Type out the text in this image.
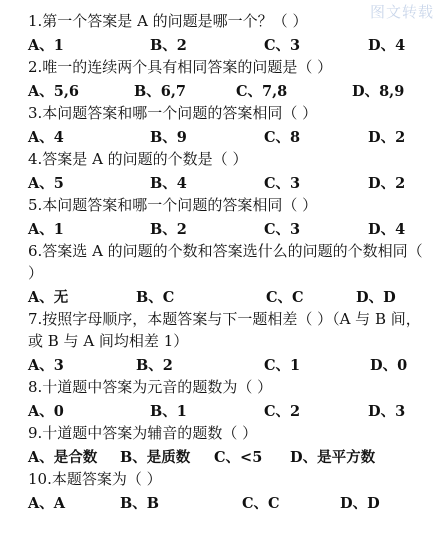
图文转载

1.第一个答案是 A 的问题是哪一个？（ ）

A、1	B、2	C、3	D、4

2.唯一的连续两个具有相同答案的问题是（ ）

A、5,6	B、6,7	C、7,8	D、8,9

3.本问题答案和哪一个问题的答案相同（ ）

A、4	B、9	C、8	D、2

4.答案是 A 的问题的个数是（ ）

A、5	B、4	C、3	D、2

5.本问题答案和哪一个问题的答案相同（ ）

A、1	B、2	C、3	D、4

6.答案选 A 的问题的个数和答案选什么的问题的个数相同（ ）

A、无	B、C	C、C	D、D

7.按照字母顺序，本题答案与下一题相差（ ）（A 与 B 间，或 B 与 A 间均相差 1）

A、3	B、2	C、1	D、0

8.十道题中答案为元音的题数为（ ）

A、0	B、1	C、2	D、3

9.十道题中答案为辅音的题数（ ）

A、是合数 B、是质数 C、<5 D、是平方数

10.本题答案为（ ）

A、A	B、B	C、C	D、D
